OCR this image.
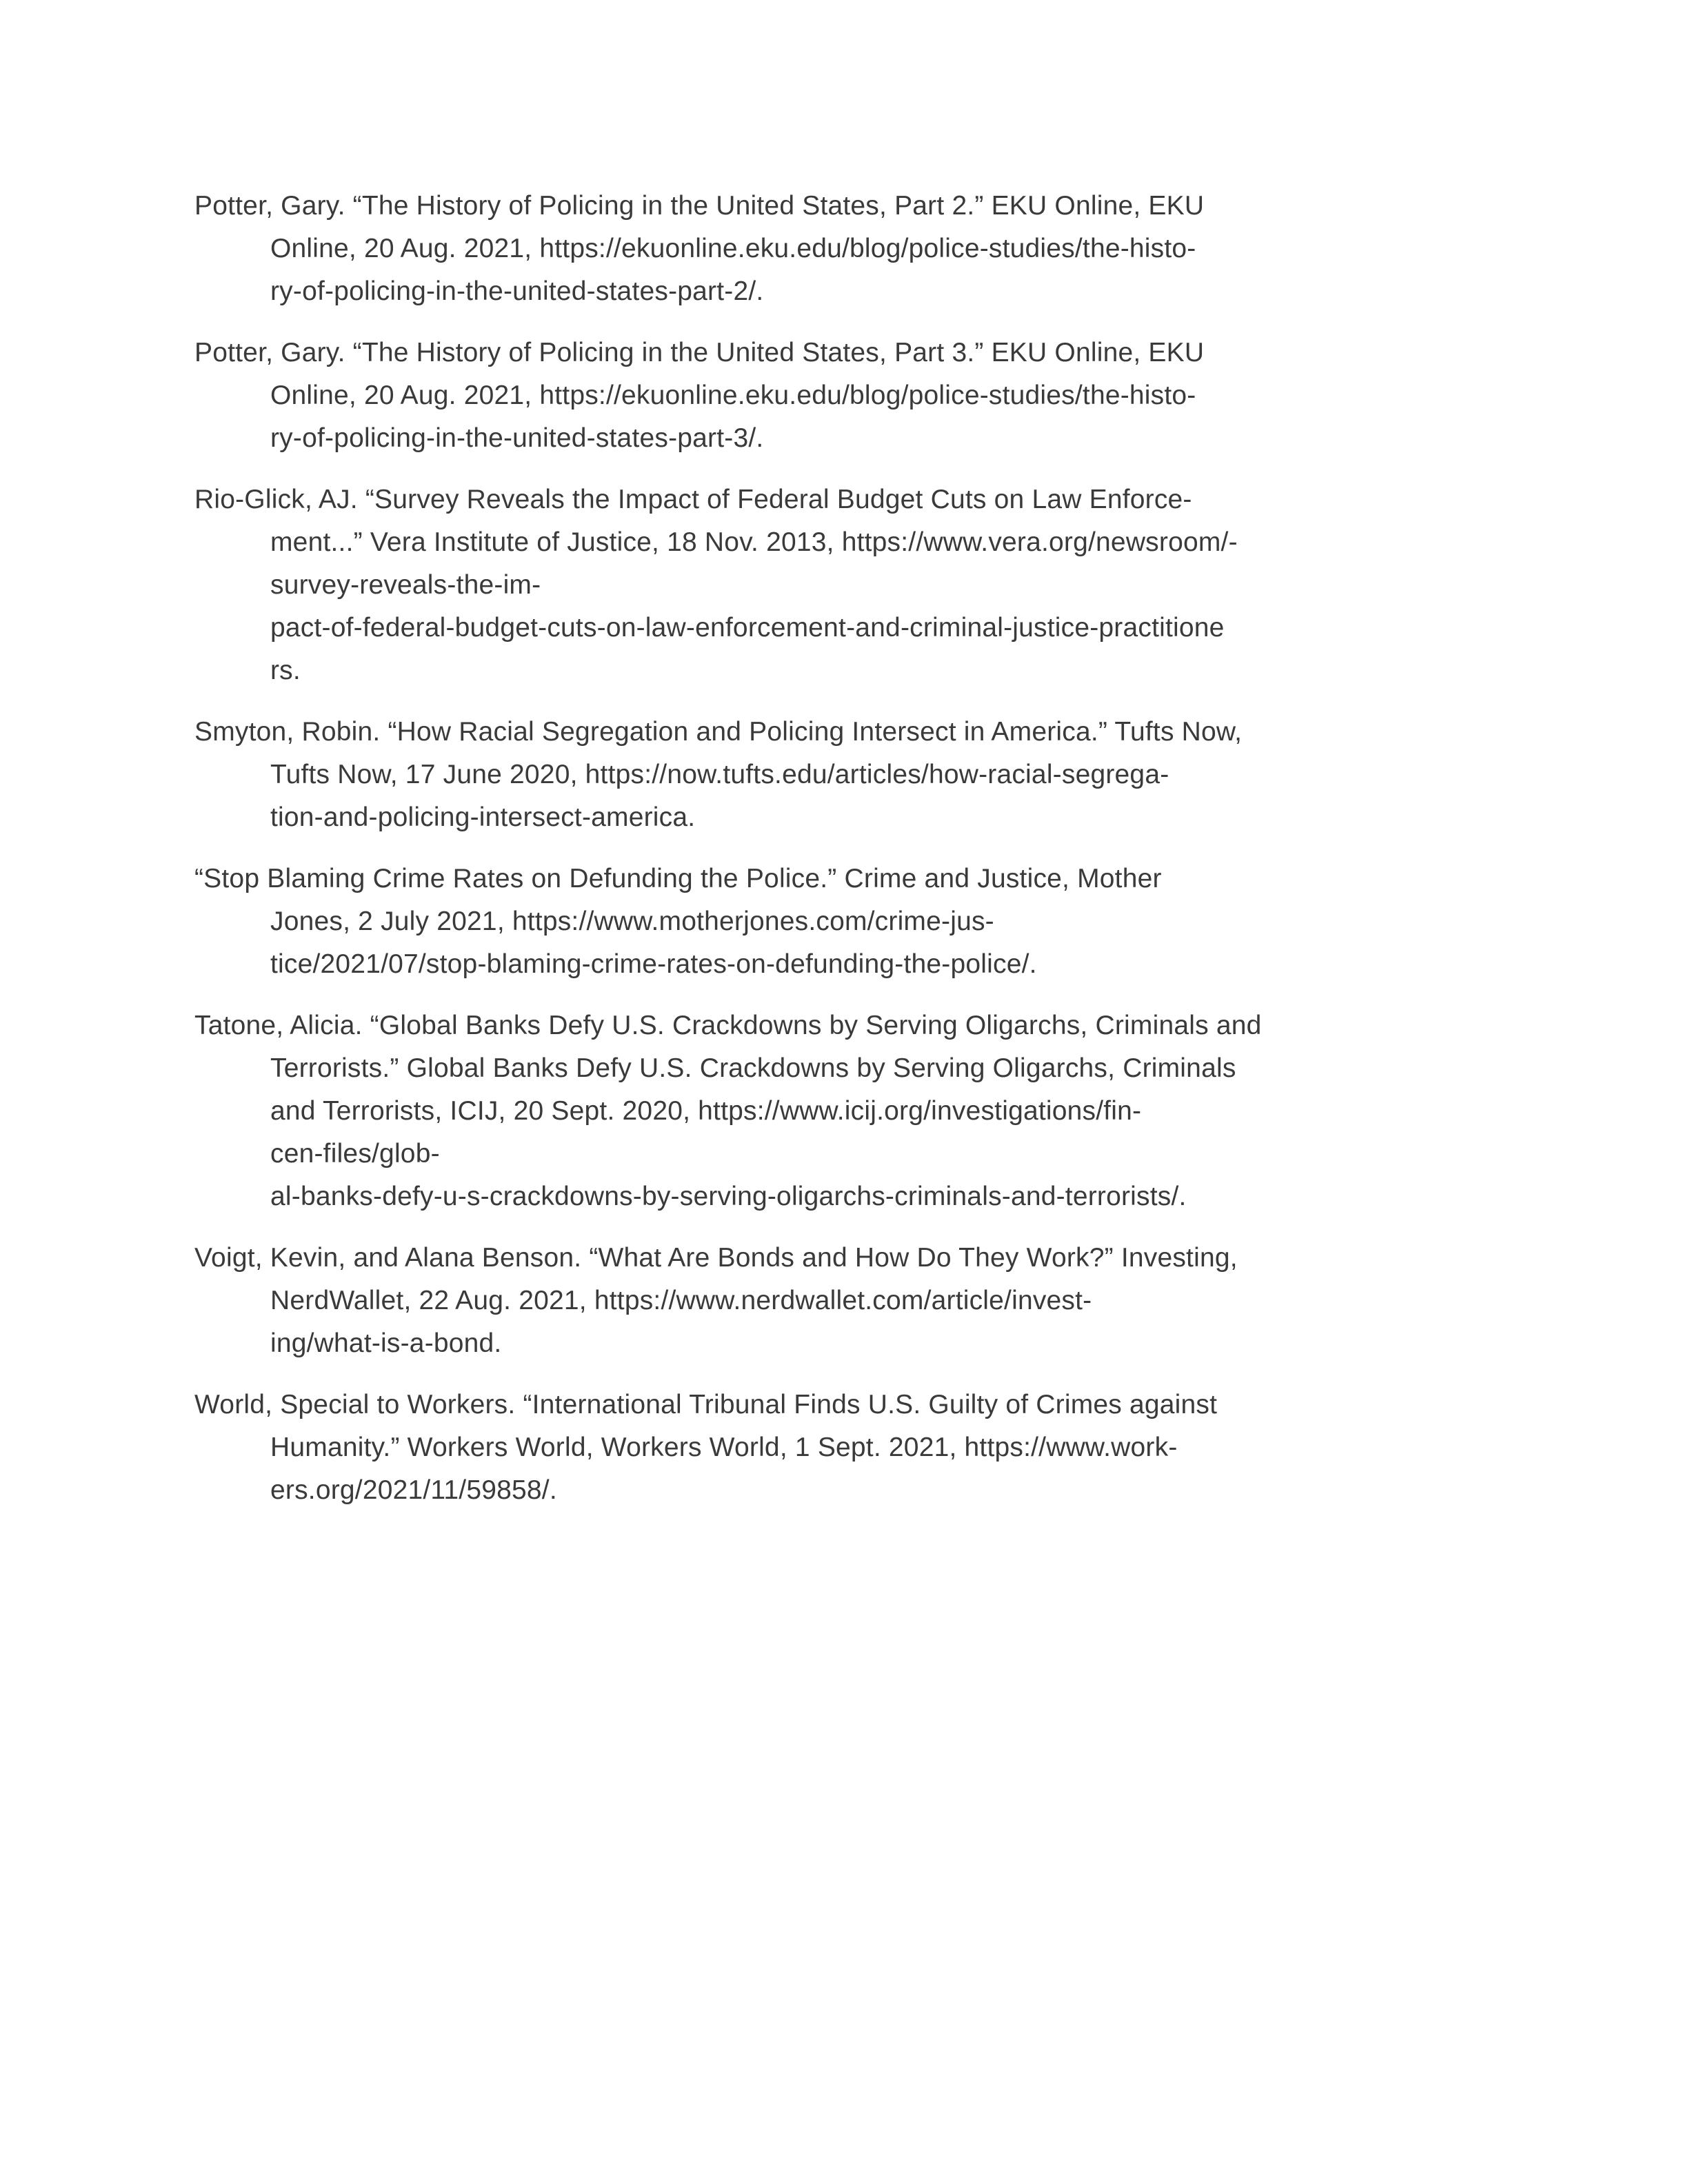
Potter, Gary. “The History of Policing in the United States, Part 2.” EKU Online, EKU
Online, 20 Aug. 2021, https://ekuonline.eku.edu/blog/police-studies/the-histo-
ry-of-policing-in-the-united-states-part-2/.
Potter, Gary. “The History of Policing in the United States, Part 3.” EKU Online, EKU
Online, 20 Aug. 2021, https://ekuonline.eku.edu/blog/police-studies/the-histo-
ry-of-policing-in-the-united-states-part-3/.
Rio-Glick, AJ. “Survey Reveals the Impact of Federal Budget Cuts on Law Enforce-
ment...” Vera Institute of Justice, 18 Nov. 2013, https://www.vera.org/newsroom/-
survey-reveals-the-im-
pact-of-federal-budget-cuts-on-law-enforcement-and-criminal-justice-practitione
rs.
Smyton, Robin. “How Racial Segregation and Policing Intersect in America.” Tufts Now,
Tufts Now, 17 June 2020, https://now.tufts.edu/articles/how-racial-segrega-
tion-and-policing-intersect-america.
“Stop Blaming Crime Rates on Defunding the Police.” Crime and Justice, Mother
Jones, 2 July 2021, https://www.motherjones.com/crime-jus-
tice/2021/07/stop-blaming-crime-rates-on-defunding-the-police/.
Tatone, Alicia. “Global Banks Defy U.S. Crackdowns by Serving Oligarchs, Criminals and
Terrorists.” Global Banks Defy U.S. Crackdowns by Serving Oligarchs, Criminals
and Terrorists, ICIJ, 20 Sept. 2020, https://www.icij.org/investigations/fin-
cen-files/glob-
al-banks-defy-u-s-crackdowns-by-serving-oligarchs-criminals-and-terrorists/.
Voigt, Kevin, and Alana Benson. “What Are Bonds and How Do They Work?” Investing,
NerdWallet, 22 Aug. 2021, https://www.nerdwallet.com/article/invest-
ing/what-is-a-bond.
World, Special to Workers. “International Tribunal Finds U.S. Guilty of Crimes against
Humanity.” Workers World, Workers World, 1 Sept. 2021, https://www.work-
ers.org/2021/11/59858/.
